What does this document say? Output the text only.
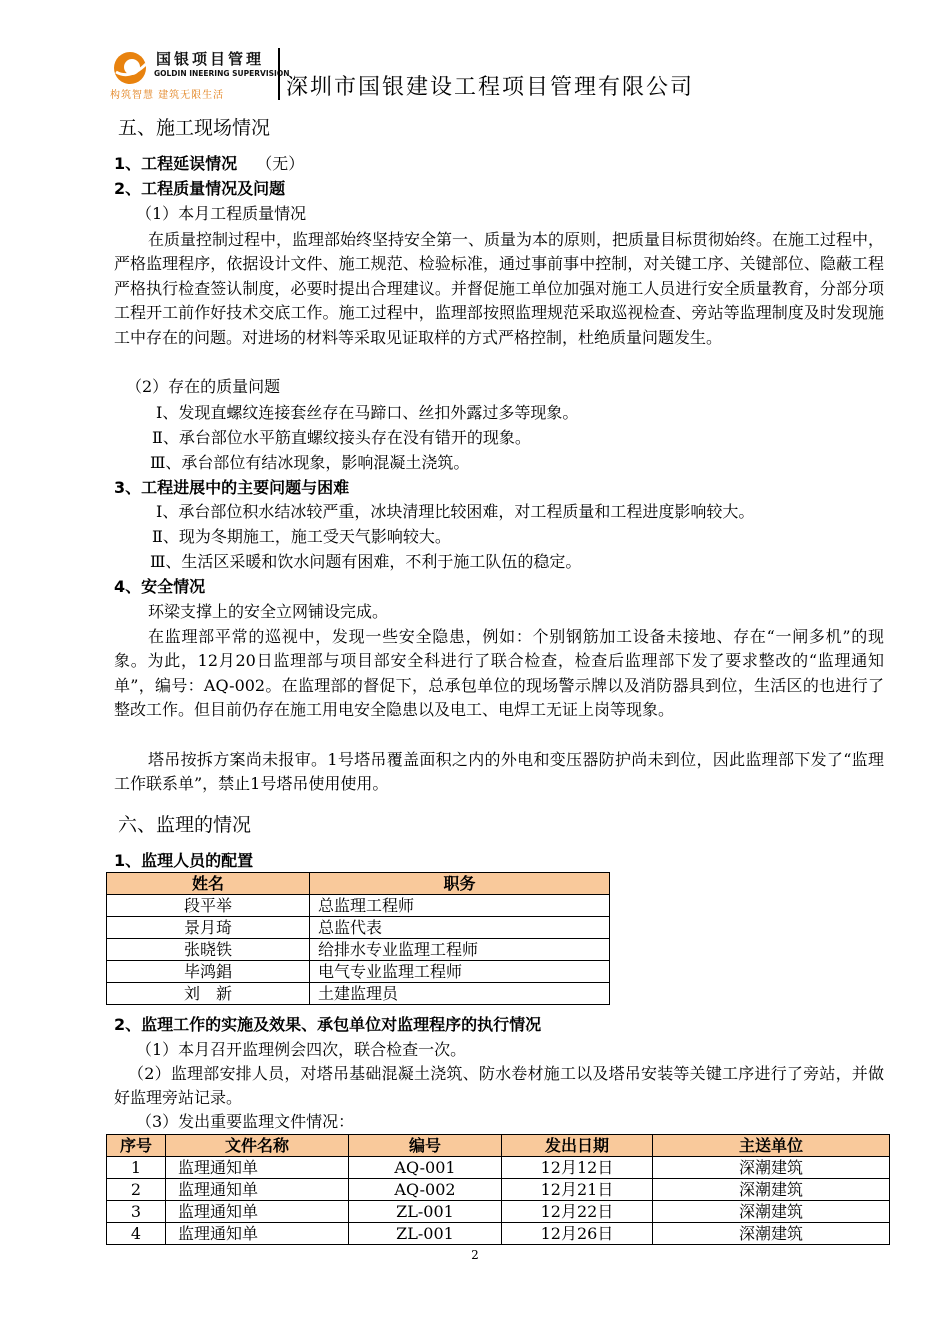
国银项目管理
GOLDIN INEERING SUPERVISION
构筑智慧 建筑无限生活	深圳市国银建设工程项目管理有限公司
五、施工现场情况
1、工程延误情况 （无）
2、工程质量情况及问题
（1）本月工程质量情况
在质量控制过程中，监理部始终坚持安全第一、质量为本的原则，把质量目标贯彻始终。在施工过程中，严格监理程序，依据设计文件、施工规范、检验标准，通过事前事中控制，对关键工序、关键部位、隐蔽工程严格执行检查签认制度，必要时提出合理建议。并督促施工单位加强对施工人员进行安全质量教育，分部分项工程开工前作好技术交底工作。施工过程中，监理部按照监理规范采取巡视检查、旁站等监理制度及时发现施工中存在的问题。对进场的材料等采取见证取样的方式严格控制，杜绝质量问题发生。
（2）存在的质量问题
Ⅰ、发现直螺纹连接套丝存在马蹄口、丝扣外露过多等现象。
Ⅱ、承台部位水平筋直螺纹接头存在没有错开的现象。
Ⅲ、承台部位有结冰现象，影响混凝土浇筑。
3、工程进展中的主要问题与困难
Ⅰ、承台部位积水结冰较严重，冰块清理比较困难，对工程质量和工程进度影响较大。
Ⅱ、现为冬期施工，施工受天气影响较大。
Ⅲ、生活区采暖和饮水问题有困难，不利于施工队伍的稳定。
4、安全情况
环梁支撑上的安全立网铺设完成。
在监理部平常的巡视中，发现一些安全隐患，例如：个别钢筋加工设备未接地、存在“一闸多机”的现象。为此，12月20日监理部与项目部安全科进行了联合检查，检查后监理部下发了要求整改的“监理通知单”，编号：AQ-002。在监理部的督促下，总承包单位的现场警示牌以及消防器具到位，生活区的也进行了整改工作。但目前仍存在施工用电安全隐患以及电工、电焊工无证上岗等现象。
塔吊按拆方案尚未报审。1号塔吊覆盖面积之内的外电和变压器防护尚未到位，因此监理部下发了“监理工作联系单”，禁止1号塔吊使用使用。
六、监理的情况
1、监理人员的配置
姓名	职务
段平举	总监理工程师
景月琦	总监代表
张晓铁	给排水专业监理工程师
毕鸿錩	电气专业监理工程师
刘　新	土建监理员
2、监理工作的实施及效果、承包单位对监理程序的执行情况
（1）本月召开监理例会四次，联合检查一次。
（2）监理部安排人员，对塔吊基础混凝土浇筑、防水卷材施工以及塔吊安装等关键工序进行了旁站，并做好监理旁站记录。
（3）发出重要监理文件情况：
序号	文件名称	编号	发出日期	主送单位
1	监理通知单	AQ-001	12月12日	深潮建筑
2	监理通知单	AQ-002	12月21日	深潮建筑
3	监理通知单	ZL-001	12月22日	深潮建筑
4	监理通知单	ZL-001	12月26日	深潮建筑
2
